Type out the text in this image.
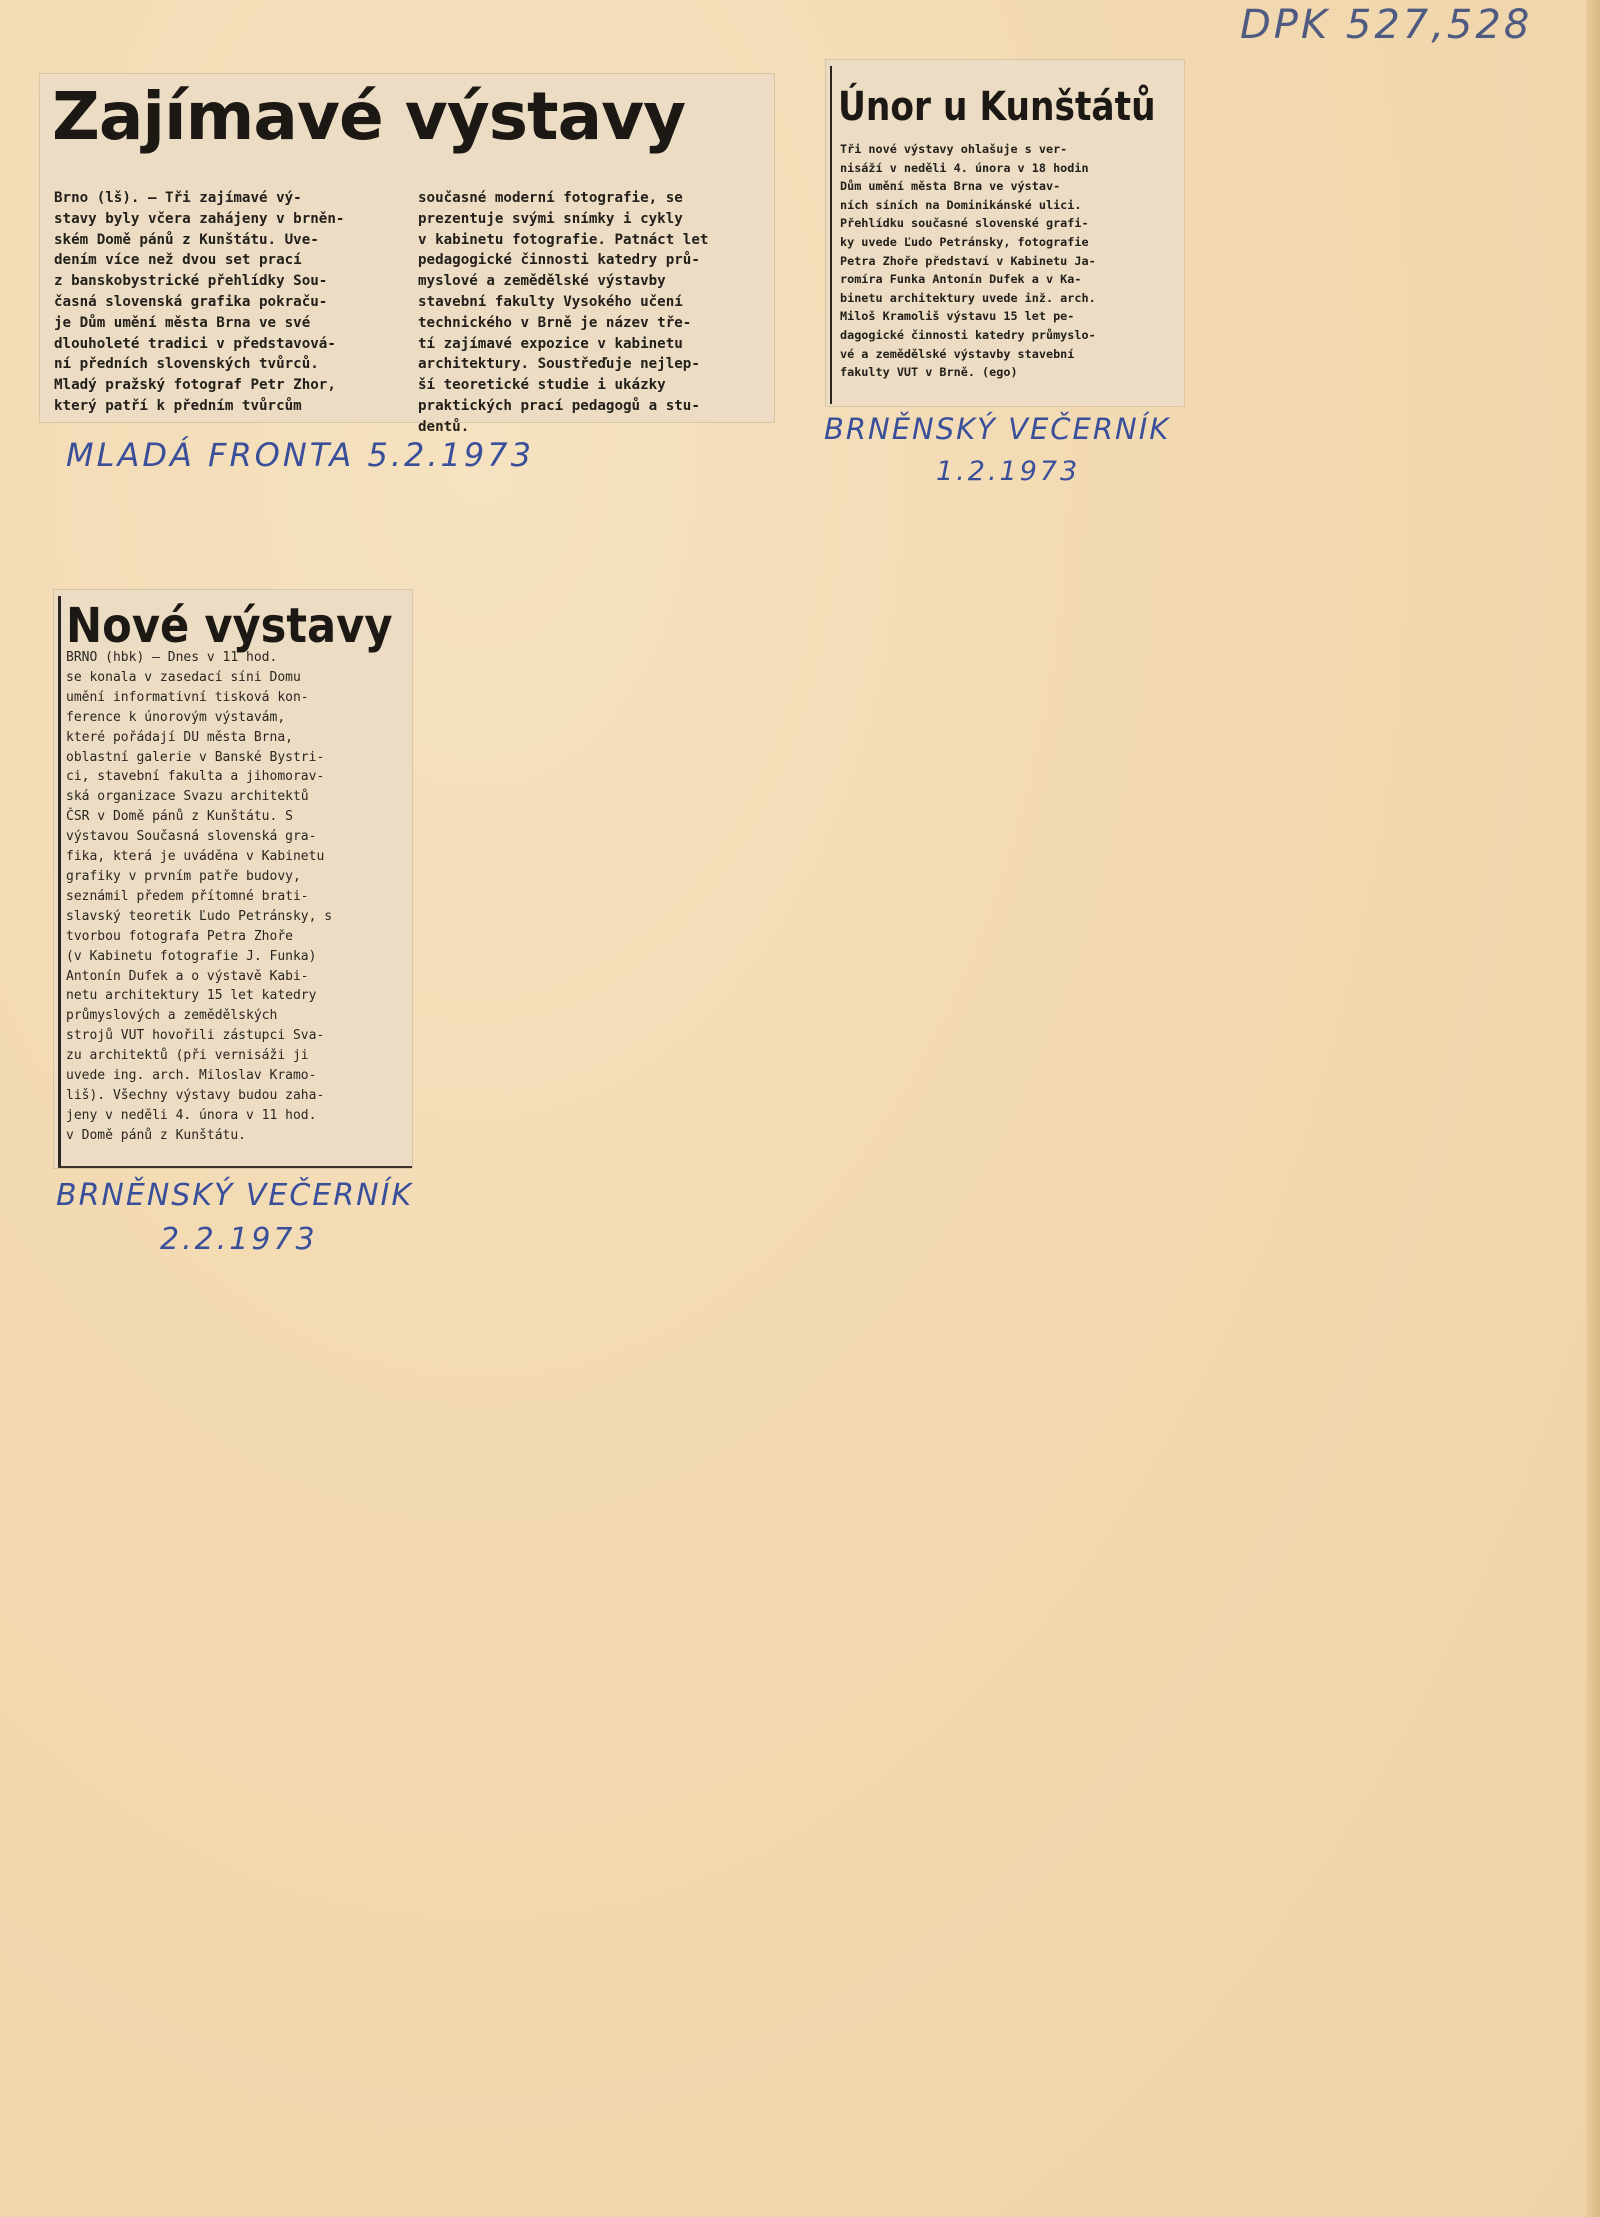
DPK 527,528
Zajímavé výstavy
Brno (lš). — Tři zajímavé vý-
stavy byly včera zahájeny v brněn-
ském Domě pánů z Kunštátu. Uve-
dením více než dvou set prací
z banskobystrické přehlídky Sou-
časná slovenská grafika pokraču-
je Dům umění města Brna ve své
dlouholeté tradici v představová-
ní předních slovenských tvůrců.
Mladý pražský fotograf Petr Zhor,
který patří k předním tvůrcům
současné moderní fotografie, se
prezentuje svými snímky i cykly
v kabinetu fotografie. Patnáct let
pedagogické činnosti katedry prů-
myslové a zemědělské výstavby
stavební fakulty Vysokého učení
technického v Brně je název tře-
tí zajímavé expozice v kabinetu
architektury. Soustřeďuje nejlep-
ší teoretické studie i ukázky
praktických prací pedagogů a stu-
dentů.
MLADÁ FRONTA 5.2.1973
Únor u Kunštátů
Tři nové výstavy ohlašuje s ver-
nisáží v neděli 4. února v 18 hodin
Dům umění města Brna ve výstav-
ních síních na Dominikánské ulici.
Přehlídku současné slovenské grafi-
ky uvede Ľudo Petránsky, fotografie
Petra Zhoře představí v Kabinetu Ja-
romíra Funka Antonín Dufek a v Ka-
binetu architektury uvede inž. arch.
Miloš Kramoliš výstavu 15 let pe-
dagogické činnosti katedry průmyslo-
vé a zemědělské výstavby stavební
fakulty VUT v Brně. (ego)
BRNĚNSKÝ VEČERNÍK
1.2.1973
Nové výstavy
BRNO (hbk) — Dnes v 11 hod.
se konala v zasedací síni Domu
umění informativní tisková kon-
ference k únorovým výstavám,
které pořádají DU města Brna,
oblastní galerie v Banské Bystri-
ci, stavební fakulta a jihomorav-
ská organizace Svazu architektů
ČSR v Domě pánů z Kunštátu. S
výstavou Současná slovenská gra-
fika, která je uváděna v Kabinetu
grafiky v prvním patře budovy,
seznámil předem přítomné brati-
slavský teoretik Ľudo Petránsky, s
tvorbou fotografa Petra Zhoře
(v Kabinetu fotografie J. Funka)
Antonín Dufek a o výstavě Kabi-
netu architektury 15 let katedry
průmyslových a zemědělských
strojů VUT hovořili zástupci Sva-
zu architektů (při vernisáži ji
uvede ing. arch. Miloslav Kramo-
liš). Všechny výstavy budou zaha-
jeny v neděli 4. února v 11 hod.
v Domě pánů z Kunštátu.
BRNĚNSKÝ VEČERNÍK
2.2.1973
